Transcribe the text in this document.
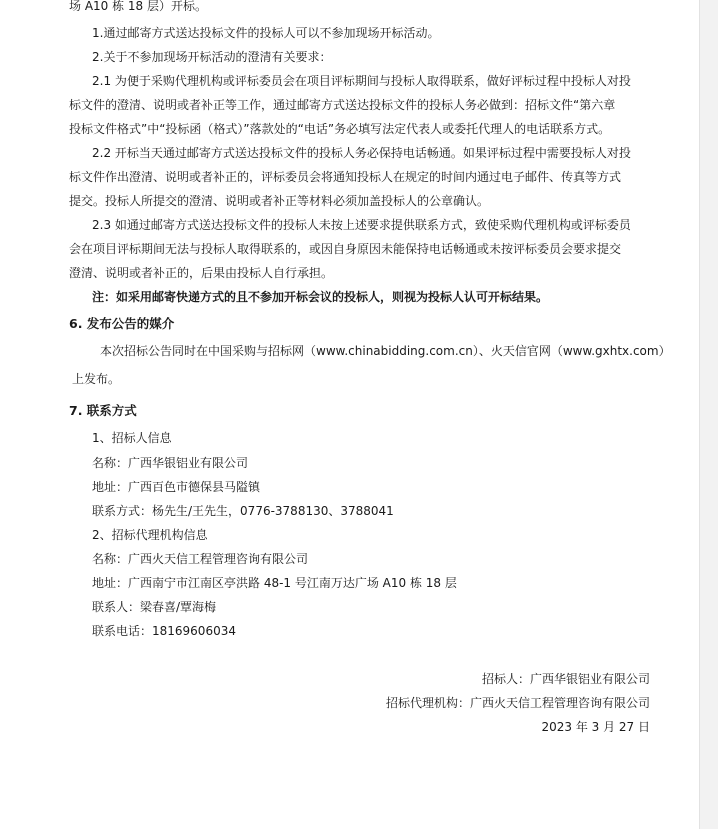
场 A10 栋 18 层）开标。
1.通过邮寄方式送达投标文件的投标人可以不参加现场开标活动。
2.关于不参加现场开标活动的澄清有关要求：
2.1 为便于采购代理机构或评标委员会在项目评标期间与投标人取得联系，做好评标过程中投标人对投
标文件的澄清、说明或者补正等工作，通过邮寄方式送达投标文件的投标人务必做到：招标文件“第六章
投标文件格式”中“投标函（格式）”落款处的“电话”务必填写法定代表人或委托代理人的电话联系方式。
2.2 开标当天通过邮寄方式送达投标文件的投标人务必保持电话畅通。如果评标过程中需要投标人对投
标文件作出澄清、说明或者补正的，评标委员会将通知投标人在规定的时间内通过电子邮件、传真等方式
提交。投标人所提交的澄清、说明或者补正等材料必须加盖投标人的公章确认。
2.3 如通过邮寄方式送达投标文件的投标人未按上述要求提供联系方式，致使采购代理机构或评标委员
会在项目评标期间无法与投标人取得联系的，或因自身原因未能保持电话畅通或未按评标委员会要求提交
澄清、说明或者补正的，后果由投标人自行承担。
注：如采用邮寄快递方式的且不参加开标会议的投标人，则视为投标人认可开标结果。
6. 发布公告的媒介
本次招标公告同时在中国采购与招标网（www.chinabidding.com.cn）、火天信官网（www.gxhtx.com）
上发布。
7. 联系方式
1、招标人信息
名称：广西华银铝业有限公司
地址：广西百色市德保县马隘镇
联系方式：杨先生/王先生，0776-3788130、3788041
2、招标代理机构信息
名称：广西火天信工程管理咨询有限公司
地址：广西南宁市江南区亭洪路 48-1 号江南万达广场 A10 栋 18 层
联系人：梁春喜/覃海梅
联系电话：18169606034
招标人：广西华银铝业有限公司
招标代理机构：广西火天信工程管理咨询有限公司
2023 年 3 月 27 日
